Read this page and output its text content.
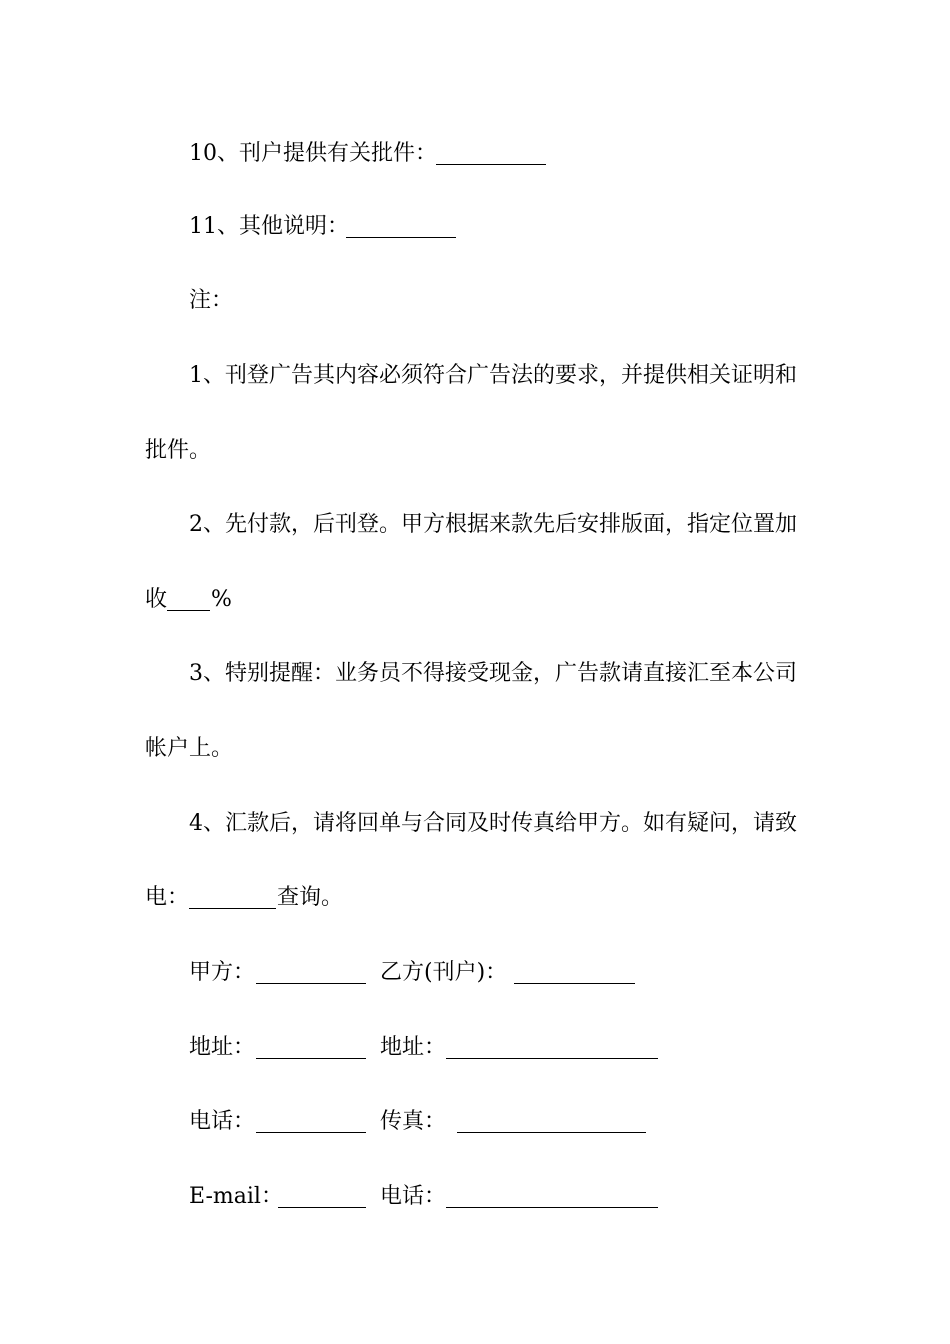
10、刊户提供有关批件：
11、其他说明：
注：
1、刊登广告其内容必须符合广告法的要求，并提供相关证明和
批件。
2、先付款，后刊登。甲方根据来款先后安排版面，指定位置加
收 %
3、特别提醒：业务员不得接受现金，广告款请直接汇至本公司
帐户上。
4、汇款后，请将回单与合同及时传真给甲方。如有疑问，请致
电：	查询。
甲方：	乙方(刊户)：
地址：	地址：
电话：	传真：
E-mail：	电话：
